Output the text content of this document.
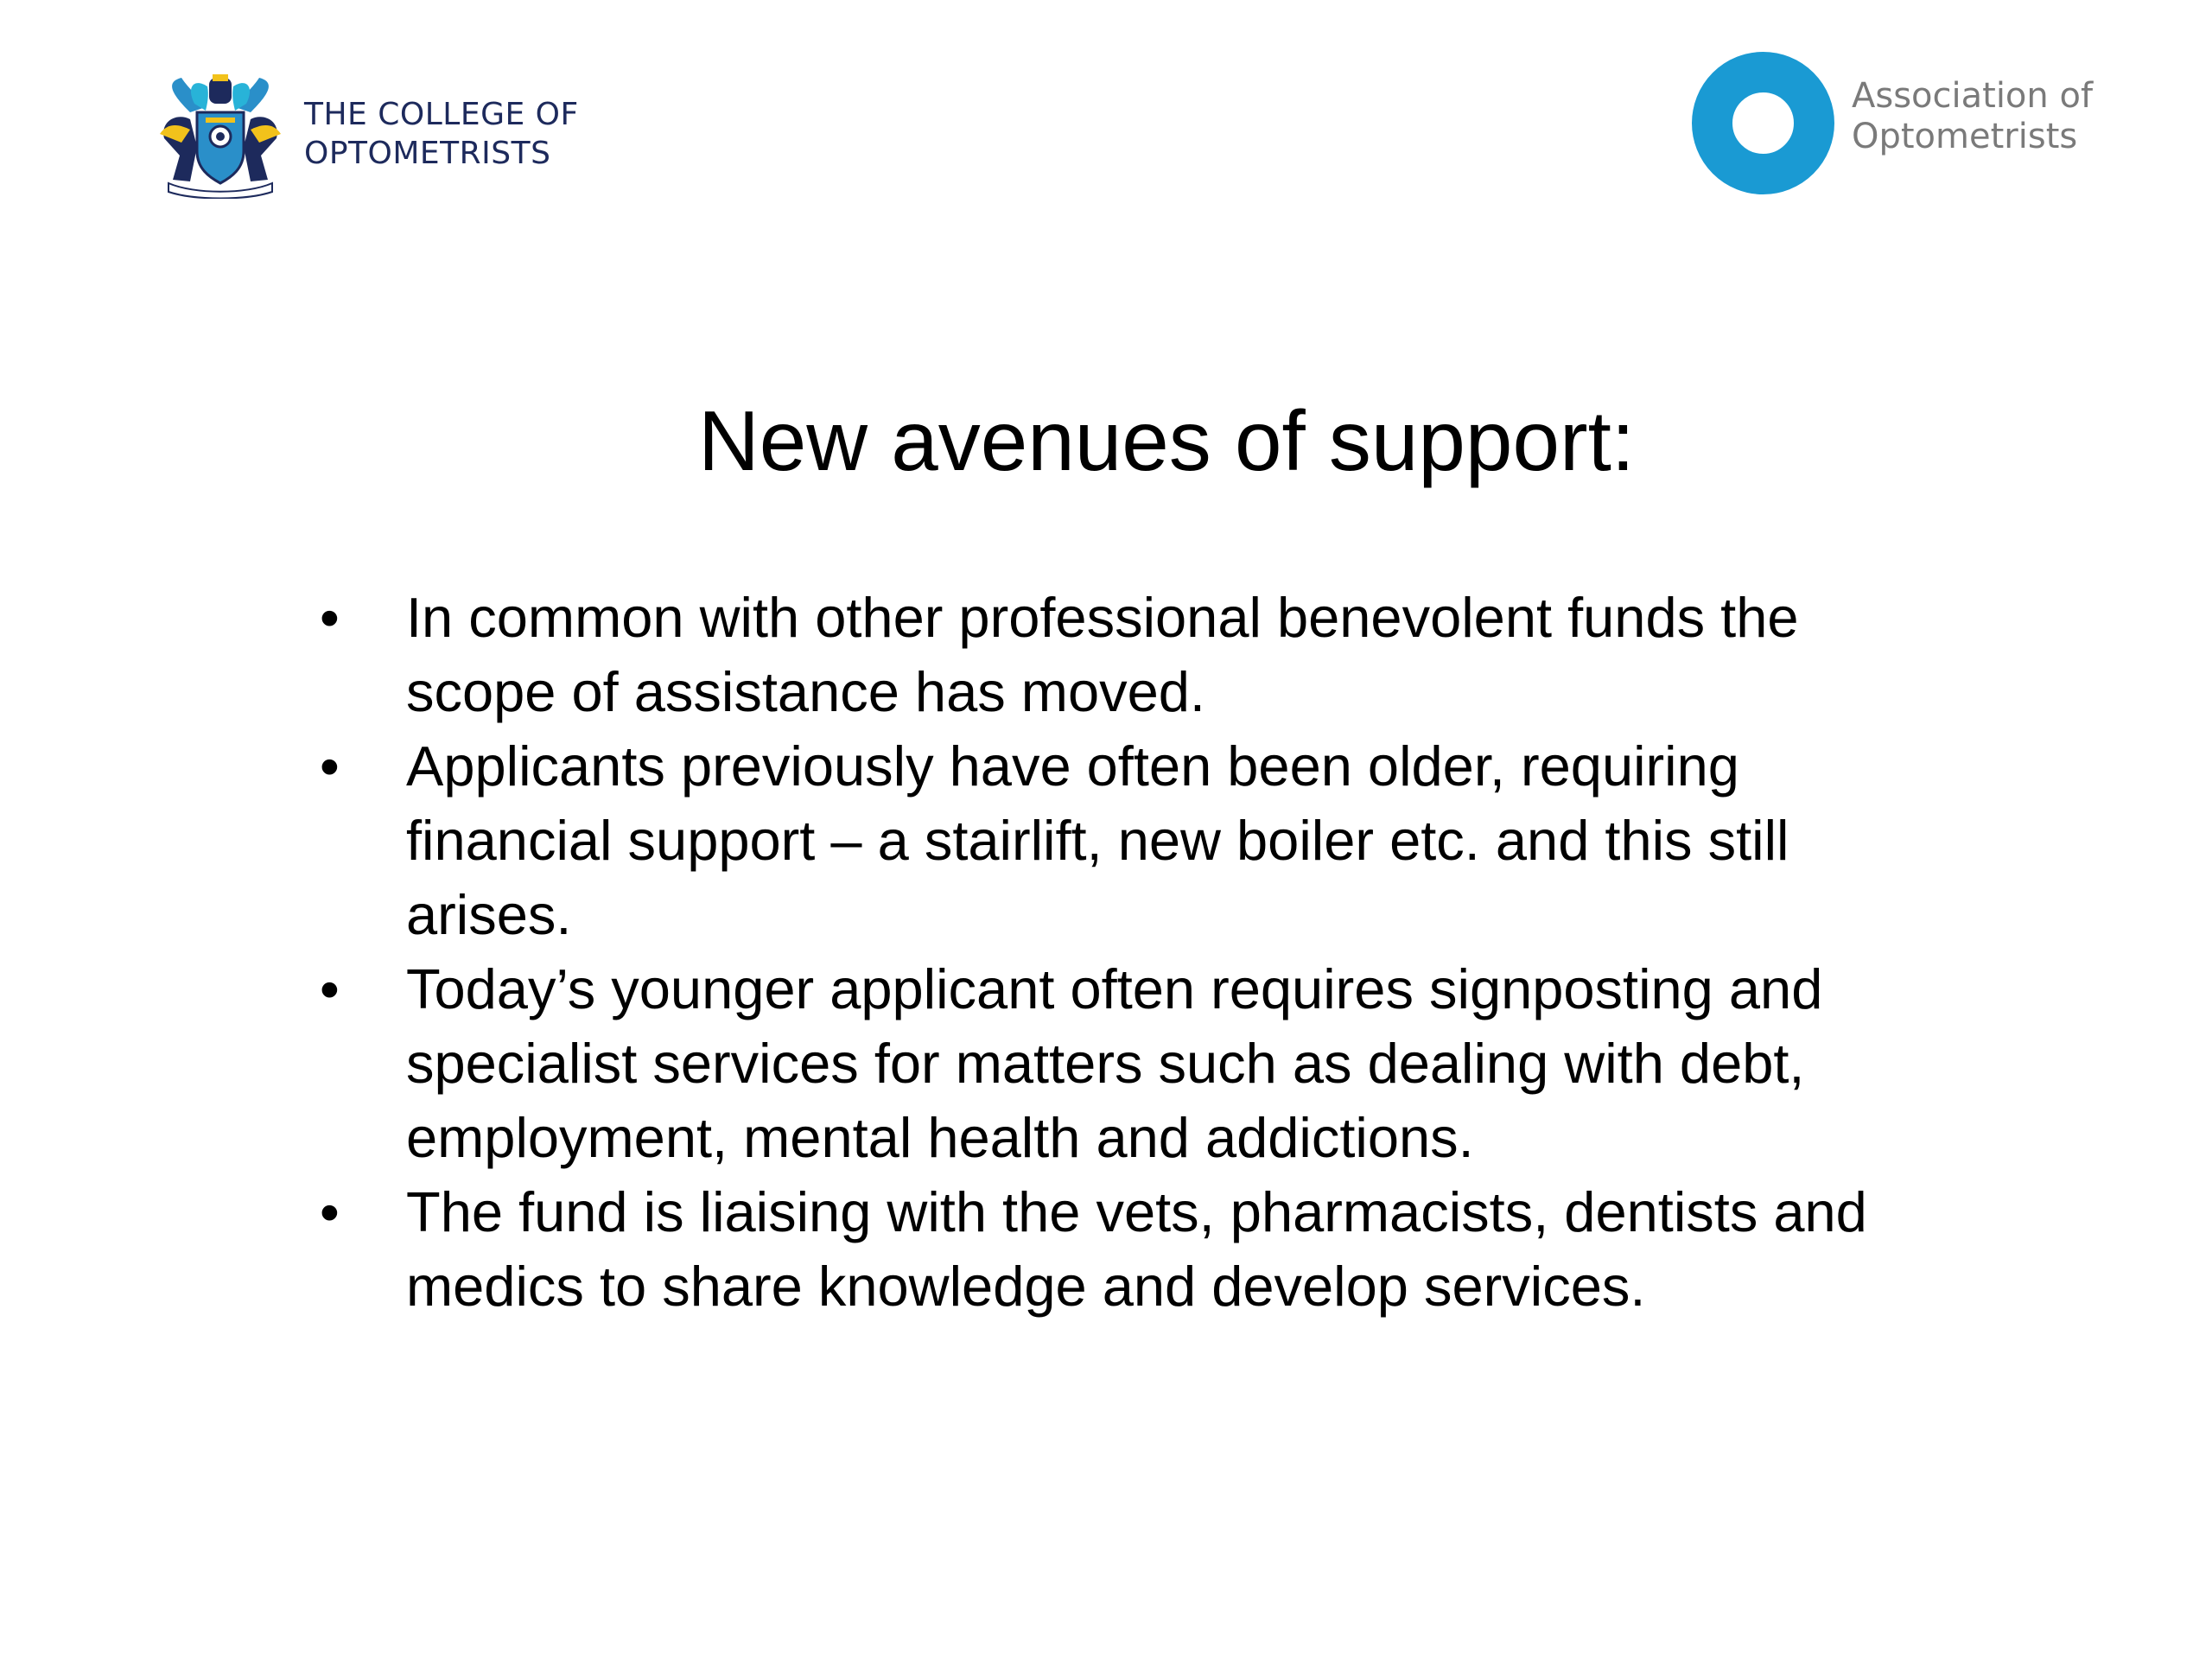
THE COLLEGE OF
OPTOMETRISTS
Association of
Optometrists
New avenues of support:
• In common with other professional benevolent funds the
scope of assistance has moved.
• Applicants previously have often been older, requiring
financial support – a stairlift, new boiler etc. and this still
arises.
• Today’s younger applicant often requires signposting and
specialist services for matters such as dealing with debt,
employment, mental health and addictions.
• The fund is liaising with the vets, pharmacists, dentists and
medics to share knowledge and develop services.
